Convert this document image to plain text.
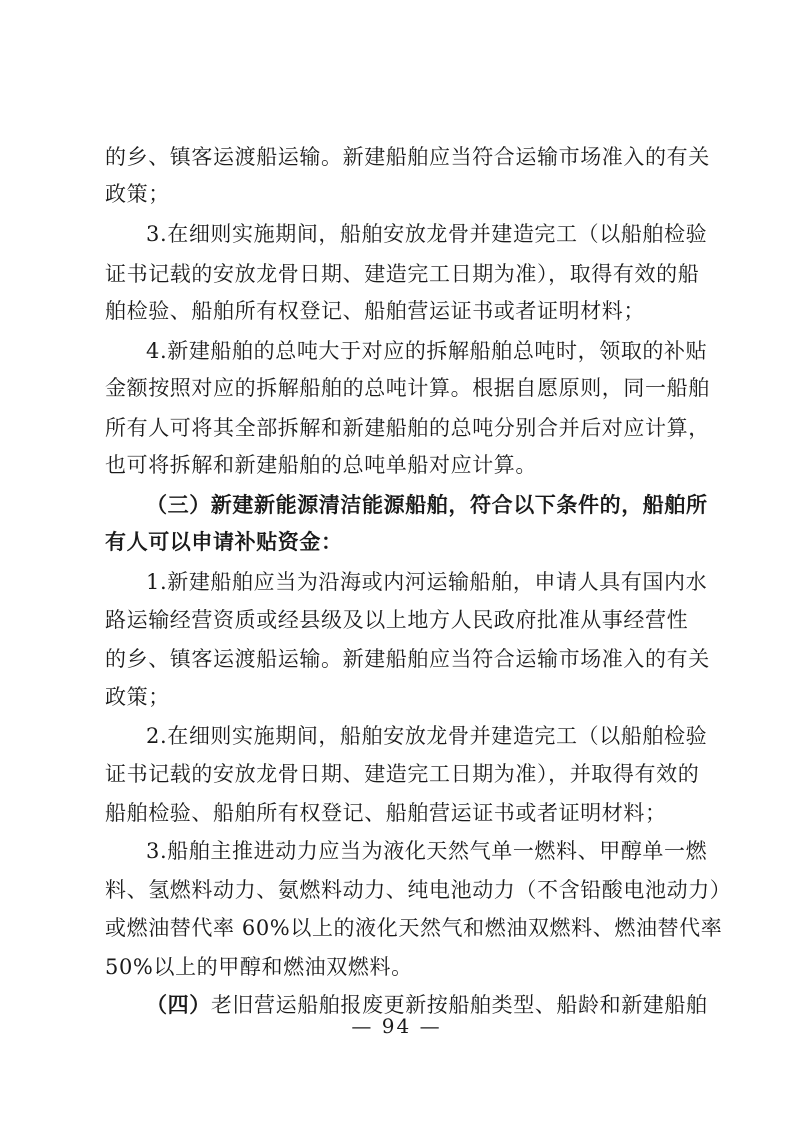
的乡、镇客运渡船运输。新建船舶应当符合运输市场准入的有关
政策；
3.在细则实施期间，船舶安放龙骨并建造完工（以船舶检验
证书记载的安放龙骨日期、建造完工日期为准），取得有效的船
舶检验、船舶所有权登记、船舶营运证书或者证明材料；
4.新建船舶的总吨大于对应的拆解船舶总吨时，领取的补贴
金额按照对应的拆解船舶的总吨计算。根据自愿原则，同一船舶
所有人可将其全部拆解和新建船舶的总吨分别合并后对应计算，
也可将拆解和新建船舶的总吨单船对应计算。
（三）新建新能源清洁能源船舶，符合以下条件的，船舶所
有人可以申请补贴资金：
1.新建船舶应当为沿海或内河运输船舶，申请人具有国内水
路运输经营资质或经县级及以上地方人民政府批准从事经营性
的乡、镇客运渡船运输。新建船舶应当符合运输市场准入的有关
政策；
2.在细则实施期间，船舶安放龙骨并建造完工（以船舶检验
证书记载的安放龙骨日期、建造完工日期为准），并取得有效的
船舶检验、船舶所有权登记、船舶营运证书或者证明材料；
3.船舶主推进动力应当为液化天然气单一燃料、甲醇单一燃
料、氢燃料动力、氨燃料动力、纯电池动力（不含铅酸电池动力）
或燃油替代率 60%以上的液化天然气和燃油双燃料、燃油替代率
50%以上的甲醇和燃油双燃料。
（四）老旧营运船舶报废更新按船舶类型、船龄和新建船舶
— 94 —
